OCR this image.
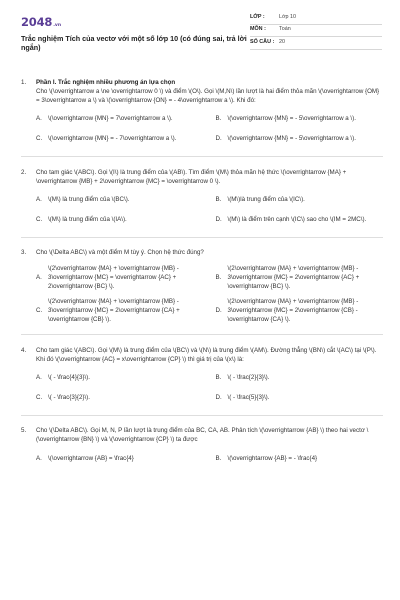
2048 .vn
Trắc nghiệm Tích của vectơ với một số lớp 10 (có đúng sai, trả lời ngắn)
LỚP :	Lớp 10
MÔN :	Toán
SỐ CÂU : 20
1.	Phần I. Trắc nghiệm nhiều phương án lựa chọn
Cho \(\overrightarrow a \ne \overrightarrow 0 \) và điểm \(O\). Gọi \(M,N\) lần lượt là hai điểm thỏa mãn \(\overrightarrow {OM} = 3\overrightarrow a \) và \(\overrightarrow {ON} = - 4\overrightarrow a \). Khi đó:
A. \(\overrightarrow {MN} = 7\overrightarrow a \).	B. \(\overrightarrow {MN} = - 5\overrightarrow a \).
C. \(\overrightarrow {MN} = - 7\overrightarrow a \).	D. \(\overrightarrow {MN} = - 5\overrightarrow a \).
2.	Cho tam giác \(ABC\). Gọi \(I\) là trung điểm của \(AB\). Tìm điểm \(M\) thỏa mãn hệ thức \(\overrightarrow {MA} + \overrightarrow {MB} + 2\overrightarrow {MC} = \overrightarrow 0 \).
A. \(M\) là trung điểm của \(BC\).	B. \(M\)là trung điểm của \(IC\).
C. \(M\) là trung điểm của \(IA\).	D. \(M\) là điểm trên cạnh \(IC\) sao cho \(IM = 2MC\).
3.	Cho \(\Delta ABC\) và một điểm M tùy ý. Chọn hệ thức đúng?
A.
\(2\overrightarrow {MA} + \overrightarrow {MB} - 3\overrightarrow {MC} = \overrightarrow {AC} + 2\overrightarrow {BC} \).
B.
\(2\overrightarrow {MA} + \overrightarrow {MB} - 3\overrightarrow {MC} = 2\overrightarrow {AC} + \overrightarrow {BC} \).
C.
\(2\overrightarrow {MA} + \overrightarrow {MB} - 3\overrightarrow {MC} = 2\overrightarrow {CA} + \overrightarrow {CB} \).
D.
\(2\overrightarrow {MA} + \overrightarrow {MB} - 3\overrightarrow {MC} = 2\overrightarrow {CB} - \overrightarrow {CA} \).
4.	Cho tam giác \(ABC\). Gọi \(M\) là trung điểm của \(BC\) và \(N\) là trung điểm \(AM\). Đường thẳng \(BN\) cắt \(AC\) tại \(P\). Khi đó \(\overrightarrow {AC} = x\overrightarrow {CP} \) thì giá trị của \(x\) là:
A. \( - \frac{4}{3}\).	B. \( - \frac{2}{3}\).
C. \( - \frac{3}{2}\).	D. \( - \frac{5}{3}\).
5.	Cho \(\Delta ABC\). Gọi M, N, P lần lượt là trung điểm của BC, CA, AB. Phân tích \(\overrightarrow {AB} \) theo hai vectơ \(\overrightarrow {BN} \) và \(\overrightarrow {CP} \) ta được
A. \(\overrightarrow {AB} = \frac{4}	B. \(\overrightarrow {AB} = - \frac{4}
